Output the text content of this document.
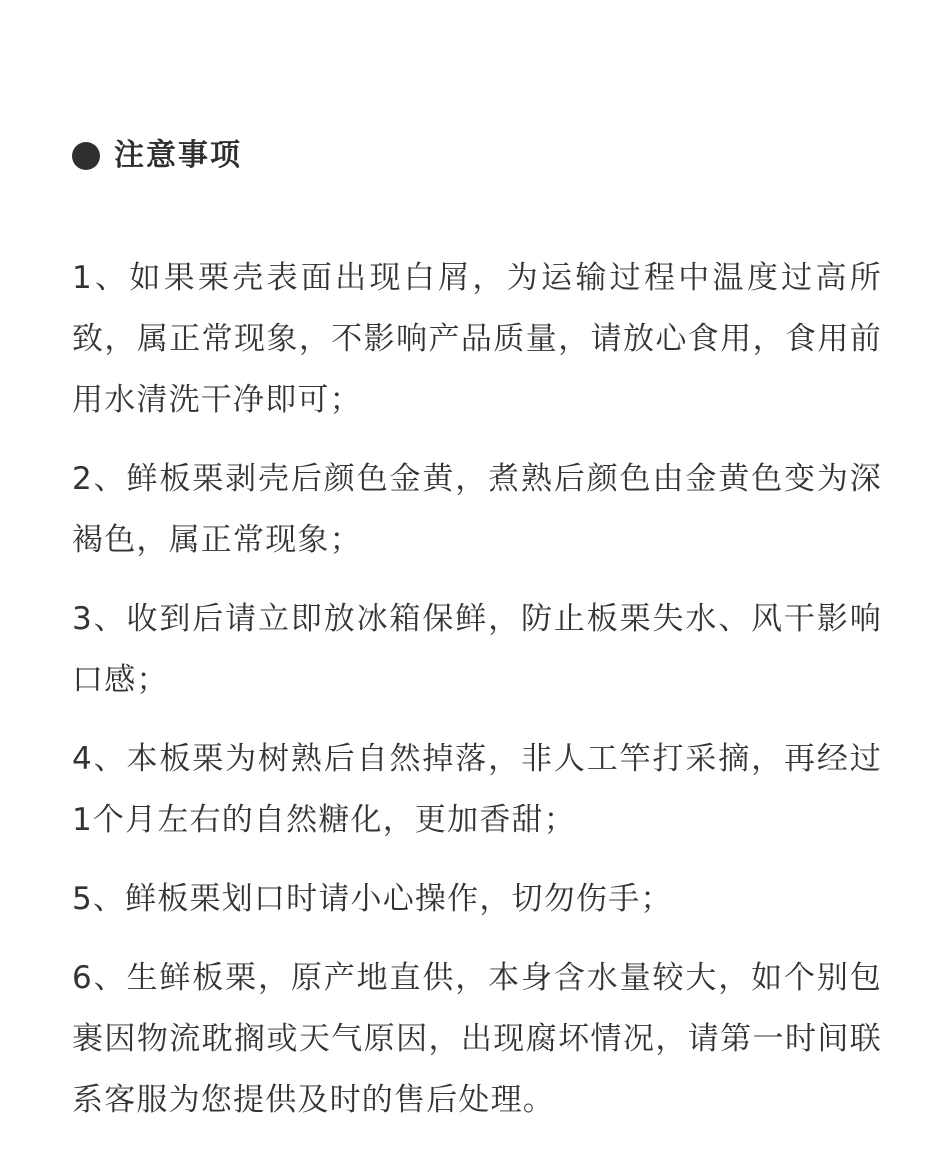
注意事项
1、如果栗壳表面出现白屑，为运输过程中温度过高所致，属正常现象，不影响产品质量，请放心食用，食用前用水清洗干净即可；
2、鲜板栗剥壳后颜色金黄，煮熟后颜色由金黄色变为深褐色，属正常现象；
3、收到后请立即放冰箱保鲜，防止板栗失水、风干影响口感；
4、本板栗为树熟后自然掉落，非人工竿打采摘，再经过1个月左右的自然糖化，更加香甜；
5、鲜板栗划口时请小心操作，切勿伤手；
6、生鲜板栗，原产地直供，本身含水量较大，如个别包裹因物流耽搁或天气原因，出现腐坏情况，请第一时间联系客服为您提供及时的售后处理。
